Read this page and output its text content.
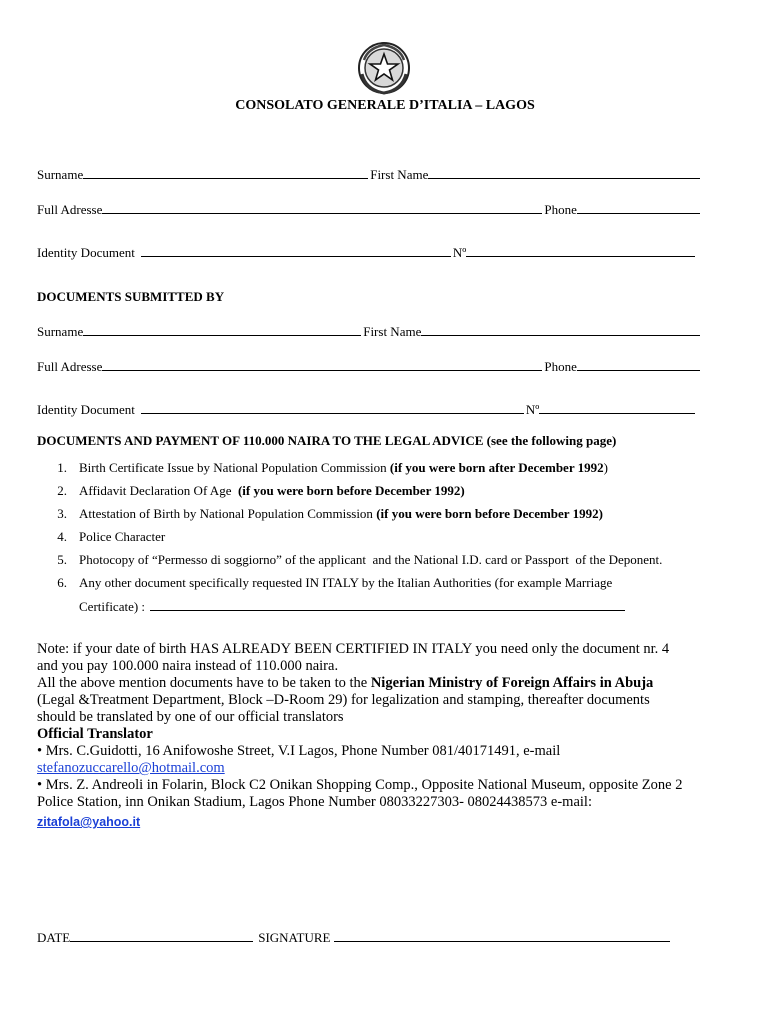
CONSOLATO GENERALE D’ITALIA – LAGOS
Surname	First Name
Full Adresse	Phone
Identity Document	Nº
DOCUMENTS SUBMITTED BY
Surname	First Name
Full Adresse	Phone
Identity Document	Nº
DOCUMENTS AND PAYMENT OF 110.000 NAIRA TO THE LEGAL ADVICE (see the following page)
1. Birth Certificate Issue by National Population Commission (if you were born after December 1992)
2. Affidavit Declaration Of Age  (if you were born before December 1992)
3. Attestation of Birth by National Population Commission (if you were born before December 1992)
4. Police Character
5. Photocopy of “Permesso di soggiorno” of the applicant  and the National I.D. card or Passport  of the Deponent.
6. Any other document specifically requested IN ITALY by the Italian Authorities (for example Marriage
Certificate) :
Note: if your date of birth HAS ALREADY BEEN CERTIFIED IN ITALY you need only the document nr. 4
and you pay 100.000 naira instead of 110.000 naira.
All the above mention documents have to be taken to the Nigerian Ministry of Foreign Affairs in Abuja
(Legal &Treatment Department, Block –D-Room 29) for legalization and stamping, thereafter documents
should be translated by one of our official translators
Official Translator
• Mrs. C.Guidotti, 16 Anifowoshe Street, V.I Lagos, Phone Number 081/40171491, e-mail
stefanozuccarello@hotmail.com
• Mrs. Z. Andreoli in Folarin, Block C2 Onikan Shopping Comp., Opposite National Museum, opposite Zone 2
Police Station, inn Onikan Stadium, Lagos Phone Number 08033227303- 08024438573 e-mail:
zitafola@yahoo.it
DATE	SIGNATURE
